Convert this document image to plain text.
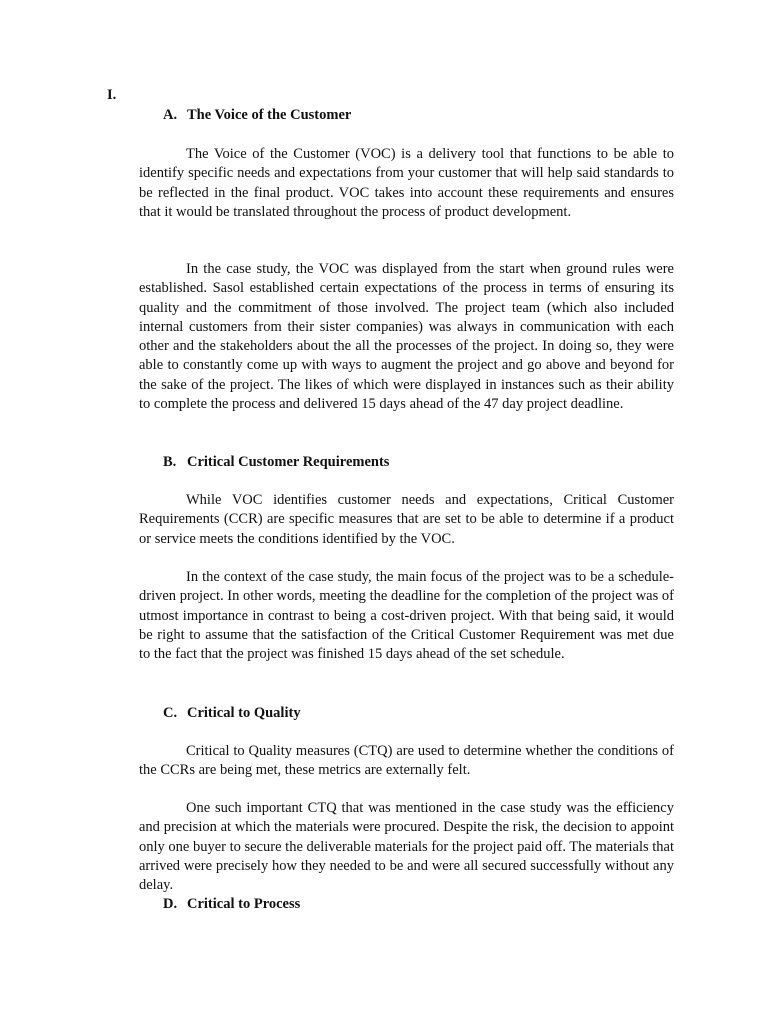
I.
A. The Voice of the Customer

The Voice of the Customer (VOC) is a delivery tool that functions to be able to identify specific needs and expectations from your customer that will help said standards to be reflected in the final product. VOC takes into account these requirements and ensures that it would be translated throughout the process of product development.

In the case study, the VOC was displayed from the start when ground rules were established. Sasol established certain expectations of the process in terms of ensuring its quality and the commitment of those involved. The project team (which also included internal customers from their sister companies) was always in communication with each other and the stakeholders about the all the processes of the project. In doing so, they were able to constantly come up with ways to augment the project and go above and beyond for the sake of the project. The likes of which were displayed in instances such as their ability to complete the process and delivered 15 days ahead of the 47 day project deadline.

B. Critical Customer Requirements

While VOC identifies customer needs and expectations, Critical Customer Requirements (CCR) are specific measures that are set to be able to determine if a product or service meets the conditions identified by the VOC.

In the context of the case study, the main focus of the project was to be a schedule-driven project. In other words, meeting the deadline for the completion of the project was of utmost importance in contrast to being a cost-driven project. With that being said, it would be right to assume that the satisfaction of the Critical Customer Requirement was met due to the fact that the project was finished 15 days ahead of the set schedule.

C. Critical to Quality

Critical to Quality measures (CTQ) are used to determine whether the conditions of the CCRs are being met, these metrics are externally felt.

One such important CTQ that was mentioned in the case study was the efficiency and precision at which the materials were procured. Despite the risk, the decision to appoint only one buyer to secure the deliverable materials for the project paid off. The materials that arrived were precisely how they needed to be and were all secured successfully without any delay.

D. Critical to Process
